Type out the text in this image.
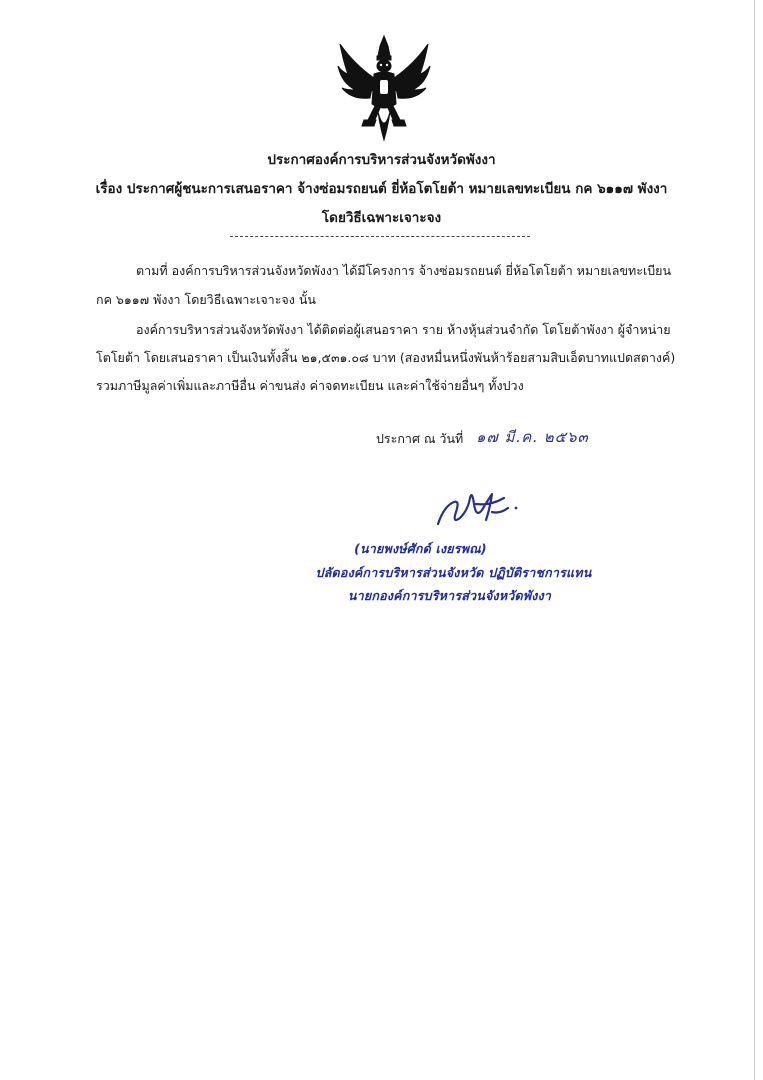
ประกาศองค์การบริหารส่วนจังหวัดพังงา
เรื่อง ประกาศผู้ชนะการเสนอราคา จ้างซ่อมรถยนต์ ยี่ห้อโตโยต้า หมายเลขทะเบียน กค ๖๑๑๗ พังงา
โดยวิธีเฉพาะเจาะจง
ตามที่ องค์การบริหารส่วนจังหวัดพังงา ได้มีโครงการ จ้างซ่อมรถยนต์ ยี่ห้อโตโยต้า หมายเลขทะเบียน
กค ๖๑๑๗ พังงา โดยวิธีเฉพาะเจาะจง นั้น
องค์การบริหารส่วนจังหวัดพังงา ได้ติดต่อผู้เสนอราคา ราย ห้างหุ้นส่วนจำกัด โตโยต้าพังงา ผู้จำหน่าย
โตโยต้า โดยเสนอราคา เป็นเงินทั้งสิ้น ๒๑,๕๓๑.๐๘ บาท (สองหมื่นหนึ่งพันห้าร้อยสามสิบเอ็ดบาทแปดสตางค์)
รวมภาษีมูลค่าเพิ่มและภาษีอื่น ค่าขนส่ง ค่าจดทะเบียน และค่าใช้จ่ายอื่นๆ ทั้งปวง
ประกาศ ณ วันที่ ๑๗ มี.ค. ๒๕๖๓
(นายพงษ์ศักด์ เงยรพณ)
ปลัดองค์การบริหารส่วนจังหวัด ปฏิบัติราชการแทน
นายกองค์การบริหารส่วนจังหวัดพังงา
